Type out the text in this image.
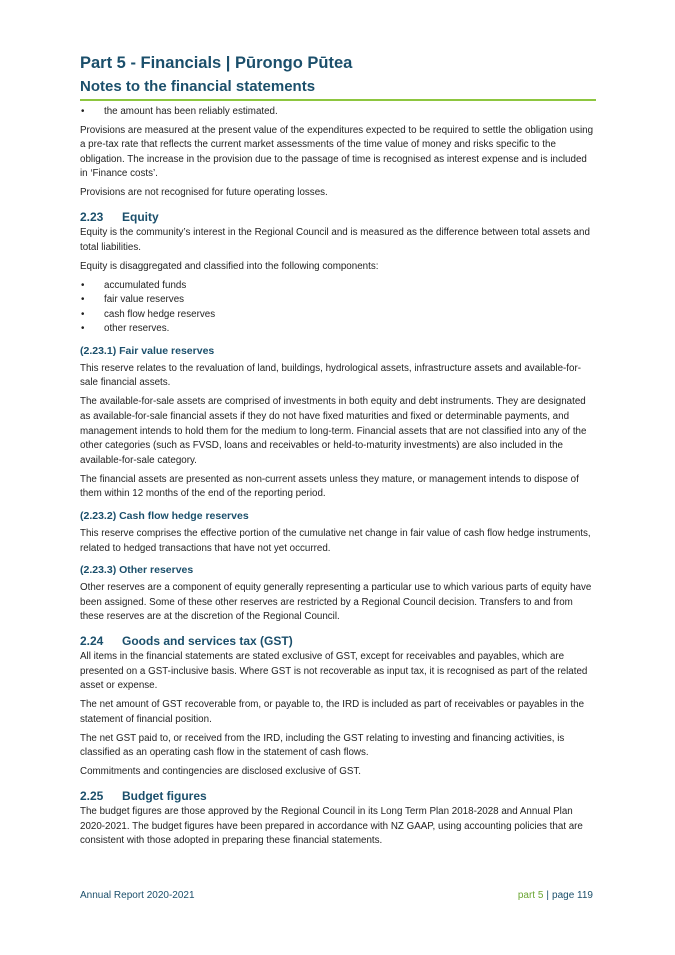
Part 5 - Financials | Pūrongo Pūtea
Notes to the financial statements
• the amount has been reliably estimated.

Provisions are measured at the present value of the expenditures expected to be required to settle the obligation using a pre-tax rate that reflects the current market assessments of the time value of money and risks specific to the obligation. The increase in the provision due to the passage of time is recognised as interest expense and is included in ‘Finance costs’.

Provisions are not recognised for future operating losses.

2.23 Equity

Equity is the community’s interest in the Regional Council and is measured as the difference between total assets and total liabilities.

Equity is disaggregated and classified into the following components:

• accumulated funds
• fair value reserves
• cash flow hedge reserves
• other reserves.
(2.23.1) Fair value reserves

This reserve relates to the revaluation of land, buildings, hydrological assets, infrastructure assets and available-for-sale financial assets.

The available-for-sale assets are comprised of investments in both equity and debt instruments. They are designated as available-for-sale financial assets if they do not have fixed maturities and fixed or determinable payments, and management intends to hold them for the medium to long-term. Financial assets that are not classified into any of the other categories (such as FVSD, loans and receivables or held-to-maturity investments) are also included in the available-for-sale category.

The financial assets are presented as non-current assets unless they mature, or management intends to dispose of them within 12 months of the end of the reporting period.

(2.23.2) Cash flow hedge reserves

This reserve comprises the effective portion of the cumulative net change in fair value of cash flow hedge instruments, related to hedged transactions that have not yet occurred.

(2.23.3) Other reserves

Other reserves are a component of equity generally representing a particular use to which various parts of equity have been assigned. Some of these other reserves are restricted by a Regional Council decision. Transfers to and from these reserves are at the discretion of the Regional Council.

2.24 Goods and services tax (GST)

All items in the financial statements are stated exclusive of GST, except for receivables and payables, which are presented on a GST-inclusive basis. Where GST is not recoverable as input tax, it is recognised as part of the related asset or expense.

The net amount of GST recoverable from, or payable to, the IRD is included as part of receivables or payables in the statement of financial position.

The net GST paid to, or received from the IRD, including the GST relating to investing and financing activities, is classified as an operating cash flow in the statement of cash flows.

Commitments and contingencies are disclosed exclusive of GST.

2.25 Budget figures

The budget figures are those approved by the Regional Council in its Long Term Plan 2018-2028 and Annual Plan 2020-2021. The budget figures have been prepared in accordance with NZ GAAP, using accounting policies that are consistent with those adopted in preparing these financial statements.

Annual Report 2020-2021	part 5 | page 119
